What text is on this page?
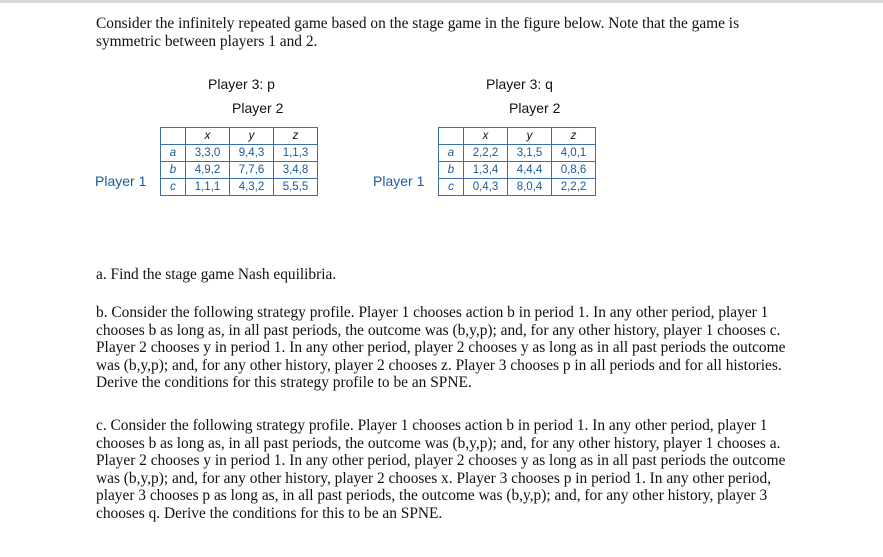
Consider the infinitely repeated game based on the stage game in the figure below. Note that the game is symmetric between players 1 and 2.

Player 3: p
Player 2
Player 1
	x	y	z
a	3,3,0	9,4,3	1,1,3
b	4,9,2	7,7,6	3,4,8
c	1,1,1	4,3,2	5,5,5
Player 3: q
Player 2
Player 1
	x	y	z
a	2,2,2	3,1,5	4,0,1
b	1,3,4	4,4,4	0,8,6
c	0,4,3	8,0,4	2,2,2

a. Find the stage game Nash equilibria.

b. Consider the following strategy profile. Player 1 chooses action b in period 1. In any other period, player 1 chooses b as long as, in all past periods, the outcome was (b,y,p); and, for any other history, player 1 chooses c. Player 2 chooses y in period 1. In any other period, player 2 chooses y as long as in all past periods the outcome was (b,y,p); and, for any other history, player 2 chooses z. Player 3 chooses p in all periods and for all histories. Derive the conditions for this strategy profile to be an SPNE.

c. Consider the following strategy profile. Player 1 chooses action b in period 1. In any other period, player 1 chooses b as long as, in all past periods, the outcome was (b,y,p); and, for any other history, player 1 chooses a. Player 2 chooses y in period 1. In any other period, player 2 chooses y as long as in all past periods the outcome was (b,y,p); and, for any other history, player 2 chooses x. Player 3 chooses p in period 1. In any other period, player 3 chooses p as long as, in all past periods, the outcome was (b,y,p); and, for any other history, player 3 chooses q. Derive the conditions for this to be an SPNE.
